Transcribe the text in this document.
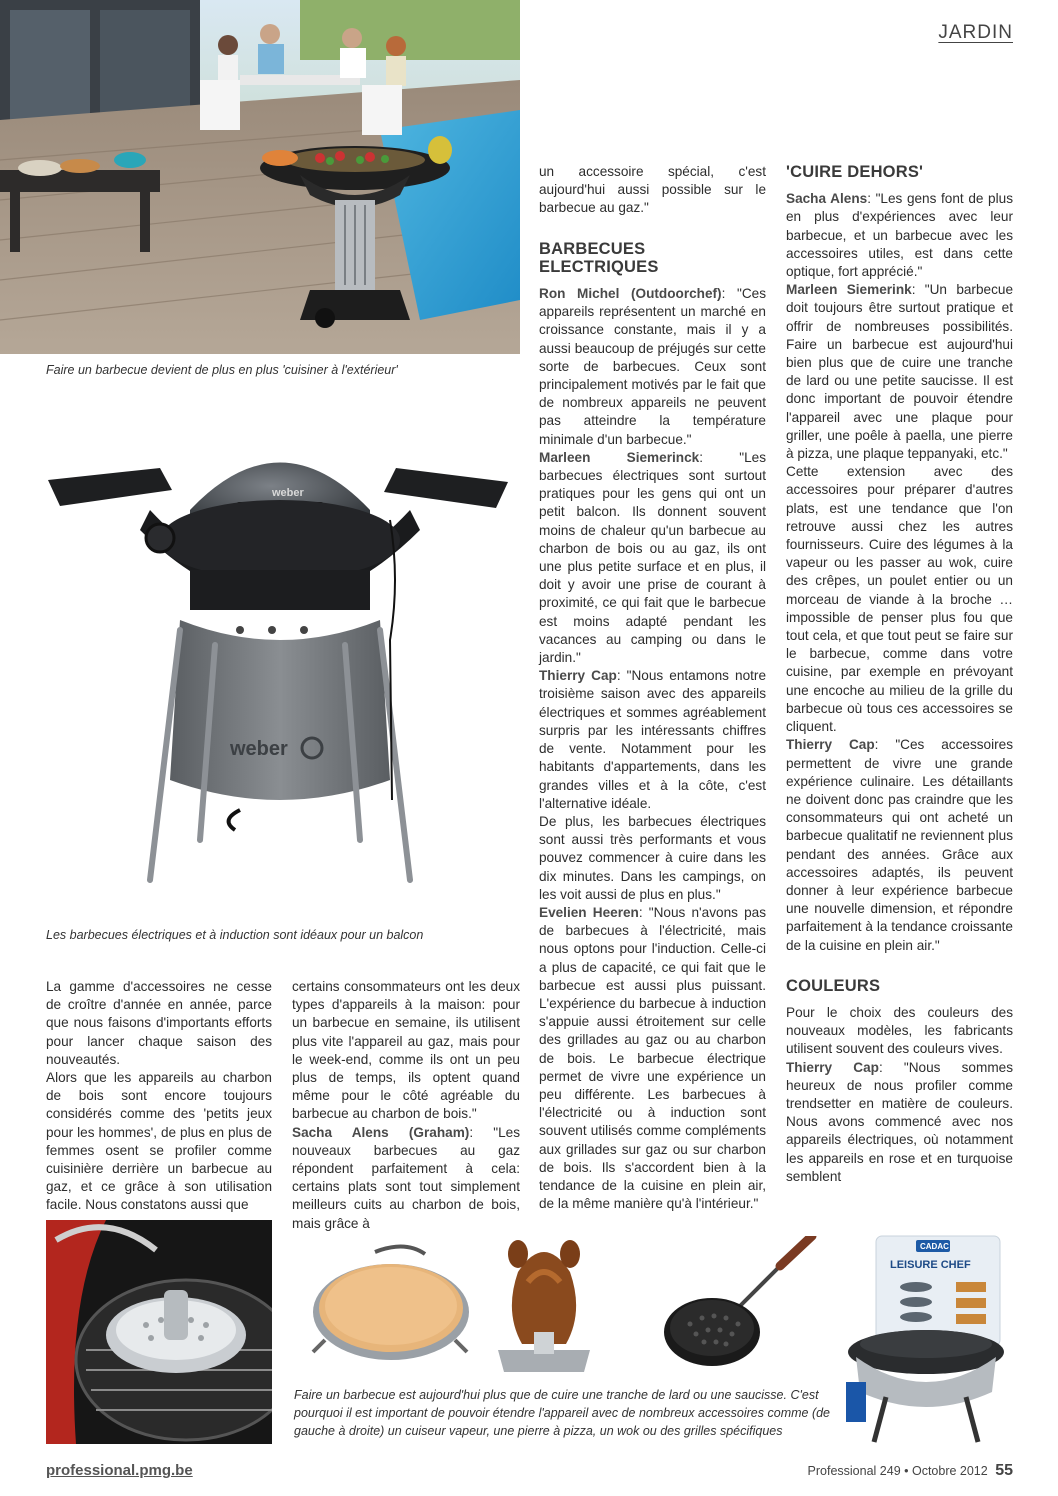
JARDIN
Faire un barbecue devient de plus en plus 'cuisiner à l'extérieur'
weber
weber
Les barbecues électriques et à induction sont idéaux pour un balcon

La gamme d'accessoires ne cesse de croître d'année en année, parce que nous faisons d'importants efforts pour lancer chaque saison des nouveautés.

Alors que les appareils au charbon de bois sont encore toujours considérés comme des 'petits jeux pour les hommes', de plus en plus de femmes osent se profiler comme cuisinière derrière un barbecue au gaz, et ce grâce à son utilisation facile. Nous constatons aussi que

certains consommateurs ont les deux types d'appareils à la maison: pour un barbecue en semaine, ils utilisent plus vite l'appareil au gaz, mais pour le week-end, comme ils ont un peu plus de temps, ils optent quand même pour le côté agréable du barbecue au charbon de bois."

Sacha Alens (Graham): "Les nouveaux barbecues au gaz répondent parfaitement à cela: certains plats sont tout simplement meilleurs cuits au charbon de bois, mais grâce à

un accessoire spécial, c'est aujourd'hui aussi possible sur le barbecue au gaz."

BARBECUES ELECTRIQUES

Ron Michel (Outdoorchef): "Ces appareils représentent un marché en croissance constante, mais il y a aussi beaucoup de préjugés sur cette sorte de barbecues. Ceux sont principalement motivés par le fait que de nombreux appareils ne peuvent pas atteindre la température minimale d'un barbecue."

Marleen Siemerinck: "Les barbecues électriques sont surtout pratiques pour les gens qui ont un petit balcon. Ils donnent souvent moins de chaleur qu'un barbecue au charbon de bois ou au gaz, ils ont une plus petite surface et en plus, il doit y avoir une prise de courant à proximité, ce qui fait que le barbecue est moins adapté pendant les vacances au camping ou dans le jardin."

Thierry Cap: "Nous entamons notre troisième saison avec des appareils électriques et sommes agréablement surpris par les intéressants chiffres de vente. Notamment pour les habitants d'appartements, dans les grandes villes et à la côte, c'est l'alternative idéale.

De plus, les barbecues électriques sont aussi très performants et vous pouvez commencer à cuire dans les dix minutes. Dans les campings, on les voit aussi de plus en plus."

Evelien Heeren: "Nous n'avons pas de barbecues à l'électricité, mais nous optons pour l'induction. Celle-ci a plus de capacité, ce qui fait que le barbecue est aussi plus puissant. L'expérience du barbecue à induction s'appuie aussi étroitement sur celle des grillades au gaz ou au charbon de bois. Le barbecue électrique permet de vivre une expérience un peu différente. Les barbecues à l'électricité ou à induction sont souvent utilisés comme compléments aux grillades sur gaz ou sur charbon de bois. Ils s'accordent bien à la tendance de la cuisine en plein air, de la même manière qu'à l'intérieur."

'CUIRE DEHORS'

Sacha Alens: "Les gens font de plus en plus d'expériences avec leur barbecue, et un barbecue avec les accessoires utiles, est dans cette optique, fort apprécié."

Marleen Siemerink: "Un barbecue doit toujours être surtout pratique et offrir de nombreuses possibilités. Faire un barbecue est aujourd'hui bien plus que de cuire une tranche de lard ou une petite saucisse. Il est donc important de pouvoir étendre l'appareil avec une plaque pour griller, une poêle à paella, une pierre à pizza, une plaque teppanyaki, etc."

Cette extension avec des accessoires pour préparer d'autres plats, est une tendance que l'on retrouve aussi chez les autres fournisseurs. Cuire des légumes à la vapeur ou les passer au wok, cuire des crêpes, un poulet entier ou un morceau de viande à la broche … impossible de penser plus fou que tout cela, et que tout peut se faire sur le barbecue, comme dans votre cuisine, par exemple en prévoyant une encoche au milieu de la grille du barbecue où tous ces accessoires se cliquent.

Thierry Cap: "Ces accessoires permettent de vivre une grande expérience culinaire. Les détaillants ne doivent donc pas craindre que les consommateurs qui ont acheté un barbecue qualitatif ne reviennent plus pendant des années. Grâce aux accessoires adaptés, ils peuvent donner à leur expérience barbecue une nouvelle dimension, et répondre parfaitement à la tendance croissante de la cuisine en plein air."

COULEURS

Pour le choix des couleurs des nouveaux modèles, les fabricants utilisent souvent des couleurs vives.

Thierry Cap: "Nous sommes heureux de nous profiler comme trendsetter en matière de couleurs. Nous avons commencé avec nos appareils électriques, où notamment les appareils en rose et en turquoise semblent

CADAC
LEISURE CHEF
Faire un barbecue est aujourd'hui plus que de cuire une tranche de lard ou une saucisse. C'est pourquoi il est important de pouvoir étendre l'appareil avec de nombreux accessoires comme (de gauche à droite) un cuiseur vapeur, une pierre à pizza, un wok ou des grilles spécifiques
professional.pmg.be	Professional 249 • Octobre 2012 55
